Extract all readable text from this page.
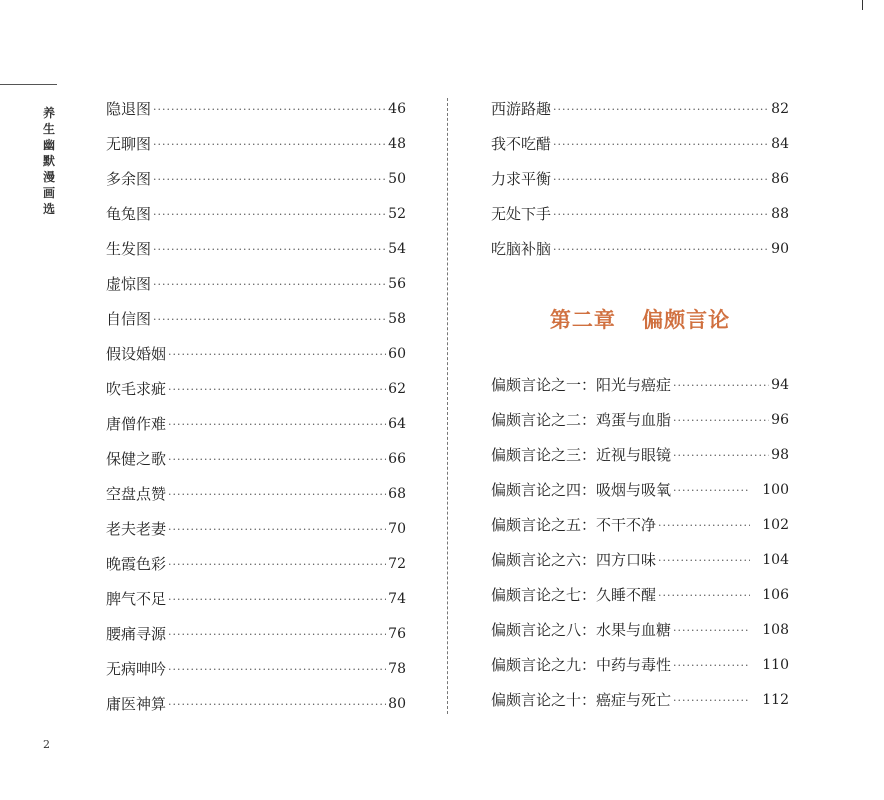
养
生
幽
默
漫
画
选
隐退图 ·····	46
无聊图 ·····	48
多余图 ·····	50
龟兔图 ·····	52
生发图 ·····	54
虚惊图 ·····	56
自信图 ·····	58
假设婚姻 ·····	60
吹毛求疵 ·····	62
唐僧作难 ·····	64
保健之歌 ·····	66
空盘点赞 ·····	68
老夫老妻 ·····	70
晚霞色彩 ·····	72
脾气不足 ·····	74
腰痛寻源 ·····	76
无病呻吟 ·····	78
庸医神算 ·····	80
西游路趣 ·····	82
我不吃醋 ·····	84
力求平衡 ·····	86
无处下手 ·····	88
吃脑补脑 ·····	90
第二章 偏颇言论
偏颇言论之一：阳光与癌症 ·····	94
偏颇言论之二：鸡蛋与血脂 ·····	96
偏颇言论之三：近视与眼镜 ·····	98
偏颇言论之四：吸烟与吸氧 ·····	100
偏颇言论之五：不干不净 ·····	102
偏颇言论之六：四方口味 ·····	104
偏颇言论之七：久睡不醒 ·····	106
偏颇言论之八：水果与血糖 ·····	108
偏颇言论之九：中药与毒性 ·····	110
偏颇言论之十：癌症与死亡 ·····	112
2
